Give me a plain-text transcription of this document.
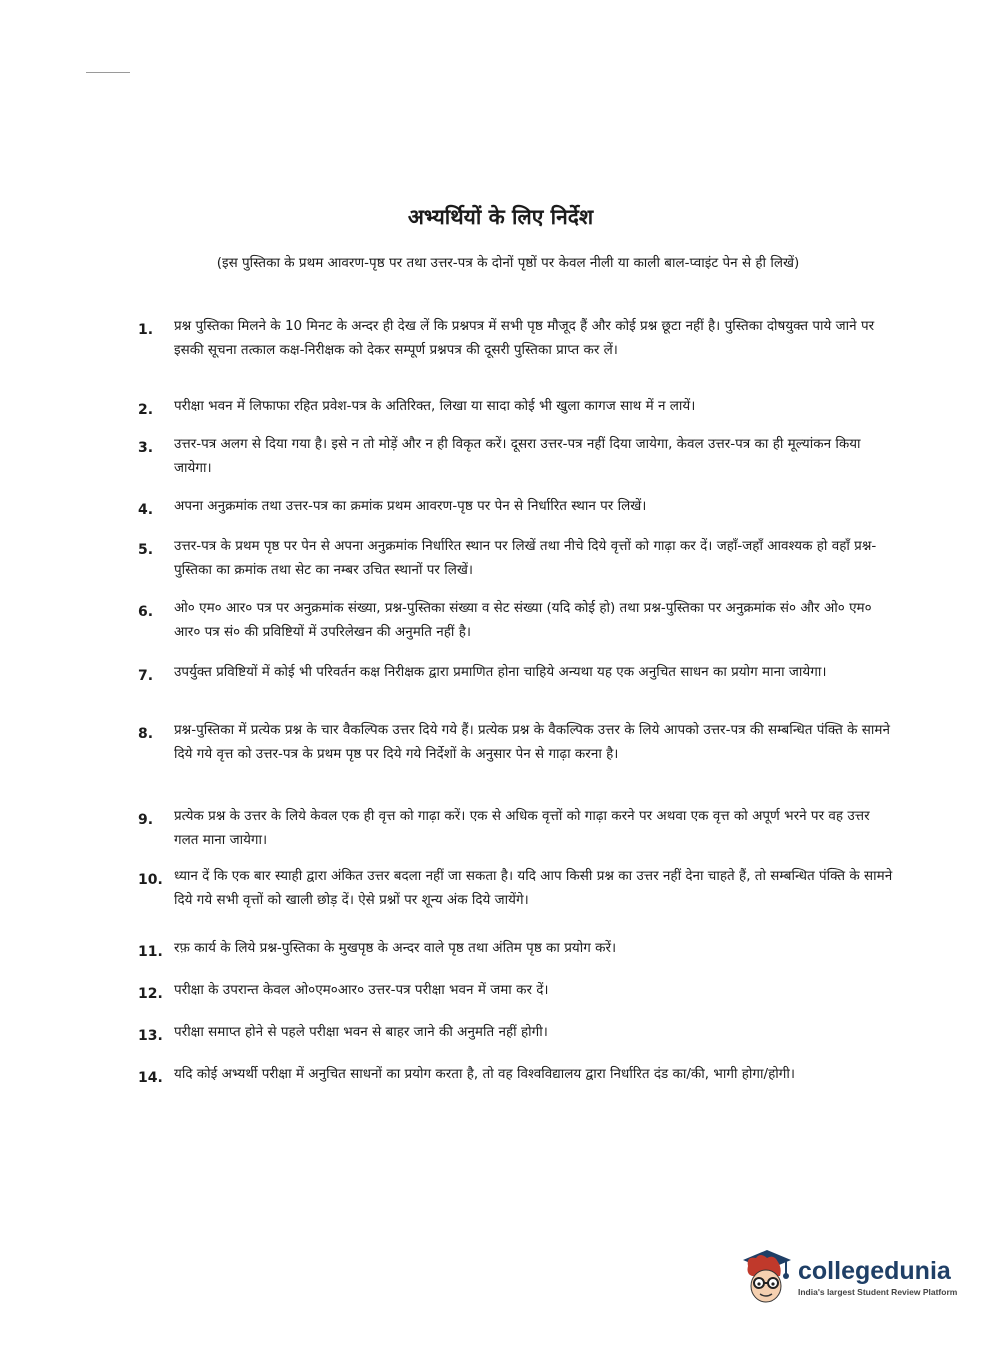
अभ्यर्थियों के लिए निर्देश

(इस पुस्तिका के प्रथम आवरण-पृष्ठ पर तथा उत्तर-पत्र के दोनों पृष्ठों पर केवल नीली या काली बाल-प्वाइंट पेन से ही लिखें)

1.	प्रश्न पुस्तिका मिलने के 10 मिनट के अन्दर ही देख लें कि प्रश्नपत्र में सभी पृष्ठ मौजूद हैं और कोई प्रश्न छूटा नहीं है। पुस्तिका दोषयुक्त पाये जाने पर इसकी सूचना तत्काल कक्ष-निरीक्षक को देकर सम्पूर्ण प्रश्नपत्र की दूसरी पुस्तिका प्राप्त कर लें।
2.	परीक्षा भवन में लिफाफा रहित प्रवेश-पत्र के अतिरिक्त, लिखा या सादा कोई भी खुला कागज साथ में न लायें।
3.	उत्तर-पत्र अलग से दिया गया है। इसे न तो मोड़ें और न ही विकृत करें। दूसरा उत्तर-पत्र नहीं दिया जायेगा, केवल उत्तर-पत्र का ही मूल्यांकन किया जायेगा।
4.	अपना अनुक्रमांक तथा उत्तर-पत्र का क्रमांक प्रथम आवरण-पृष्ठ पर पेन से निर्धारित स्थान पर लिखें।
5.	उत्तर-पत्र के प्रथम पृष्ठ पर पेन से अपना अनुक्रमांक निर्धारित स्थान पर लिखें तथा नीचे दिये वृत्तों को गाढ़ा कर दें। जहाँ-जहाँ आवश्यक हो वहाँ प्रश्न-पुस्तिका का क्रमांक तथा सेट का नम्बर उचित स्थानों पर लिखें।
6.	ओ० एम० आर० पत्र पर अनुक्रमांक संख्या, प्रश्न-पुस्तिका संख्या व सेट संख्या (यदि कोई हो) तथा प्रश्न-पुस्तिका पर अनुक्रमांक सं० और ओ० एम० आर० पत्र सं० की प्रविष्टियों में उपरिलेखन की अनुमति नहीं है।
7.	उपर्युक्त प्रविष्टियों में कोई भी परिवर्तन कक्ष निरीक्षक द्वारा प्रमाणित होना चाहिये अन्यथा यह एक अनुचित साधन का प्रयोग माना जायेगा।
8.	प्रश्न-पुस्तिका में प्रत्येक प्रश्न के चार वैकल्पिक उत्तर दिये गये हैं। प्रत्येक प्रश्न के वैकल्पिक उत्तर के लिये आपको उत्तर-पत्र की सम्बन्धित पंक्ति के सामने दिये गये वृत्त को उत्तर-पत्र के प्रथम पृष्ठ पर दिये गये निर्देशों के अनुसार पेन से गाढ़ा करना है।
9.	प्रत्येक प्रश्न के उत्तर के लिये केवल एक ही वृत्त को गाढ़ा करें। एक से अधिक वृत्तों को गाढ़ा करने पर अथवा एक वृत्त को अपूर्ण भरने पर वह उत्तर गलत माना जायेगा।
10. ध्यान दें कि एक बार स्याही द्वारा अंकित उत्तर बदला नहीं जा सकता है। यदि आप किसी प्रश्न का उत्तर नहीं देना चाहते हैं, तो सम्बन्धित पंक्ति के सामने दिये गये सभी वृत्तों को खाली छोड़ दें। ऐसे प्रश्नों पर शून्य अंक दिये जायेंगे।
11. रफ़ कार्य के लिये प्रश्न-पुस्तिका के मुखपृष्ठ के अन्दर वाले पृष्ठ तथा अंतिम पृष्ठ का प्रयोग करें।
12. परीक्षा के उपरान्त केवल ओ०एम०आर० उत्तर-पत्र परीक्षा भवन में जमा कर दें।
13. परीक्षा समाप्त होने से पहले परीक्षा भवन से बाहर जाने की अनुमति नहीं होगी।
14. यदि कोई अभ्यर्थी परीक्षा में अनुचित साधनों का प्रयोग करता है, तो वह विश्वविद्यालय द्वारा निर्धारित दंड का/की, भागी होगा/होगी।
collegedunia
India's largest Student Review Platform
